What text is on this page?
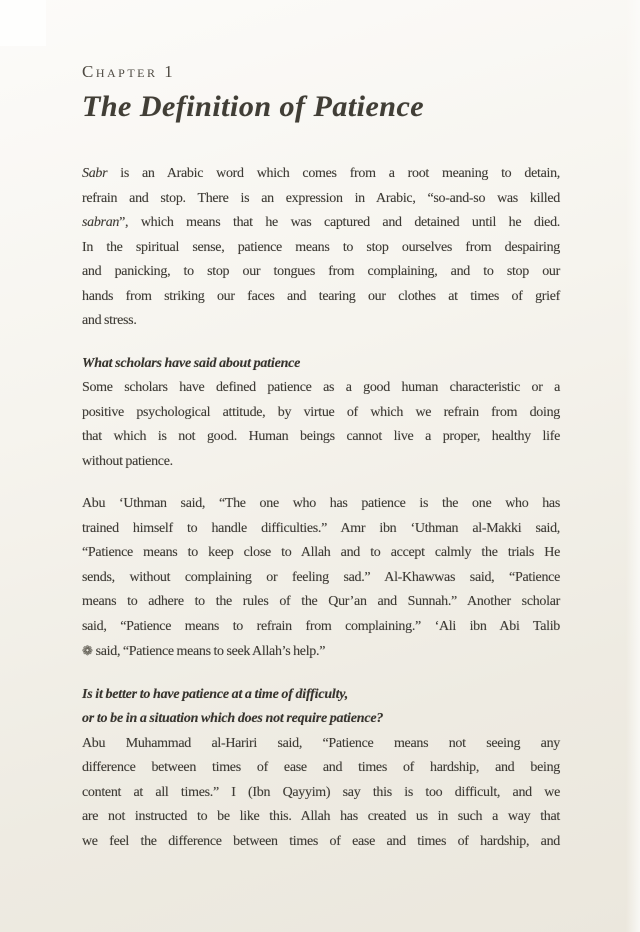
Chapter 1
The Definition of Patience
Sabr is an Arabic word which comes from a root meaning to detain,
refrain and stop. There is an expression in Arabic, “so-and-so was killed
sabran”, which means that he was captured and detained until he died.
In the spiritual sense, patience means to stop ourselves from despairing
and panicking, to stop our tongues from complaining, and to stop our
hands from striking our faces and tearing our clothes at times of grief
and stress.
What scholars have said about patience
Some scholars have defined patience as a good human characteristic or a
positive psychological attitude, by virtue of which we refrain from doing
that which is not good. Human beings cannot live a proper, healthy life
without patience.
Abu ‘Uthman said, “The one who has patience is the one who has
trained himself to handle difficulties.” Amr ibn ‘Uthman al-Makki said,
“Patience means to keep close to Allah and to accept calmly the trials He
sends, without complaining or feeling sad.” Al-Khawwas said, “Patience
means to adhere to the rules of the Qur’an and Sunnah.” Another scholar
said, “Patience means to refrain from complaining.” ‘Ali ibn Abi Talib
❁ said, “Patience means to seek Allah’s help.”
Is it better to have patience at a time of difficulty,
or to be in a situation which does not require patience?
Abu Muhammad al-Hariri said, “Patience means not seeing any
difference between times of ease and times of hardship, and being
content at all times.” I (Ibn Qayyim) say this is too difficult, and we
are not instructed to be like this. Allah has created us in such a way that
we feel the difference between times of ease and times of hardship, and
